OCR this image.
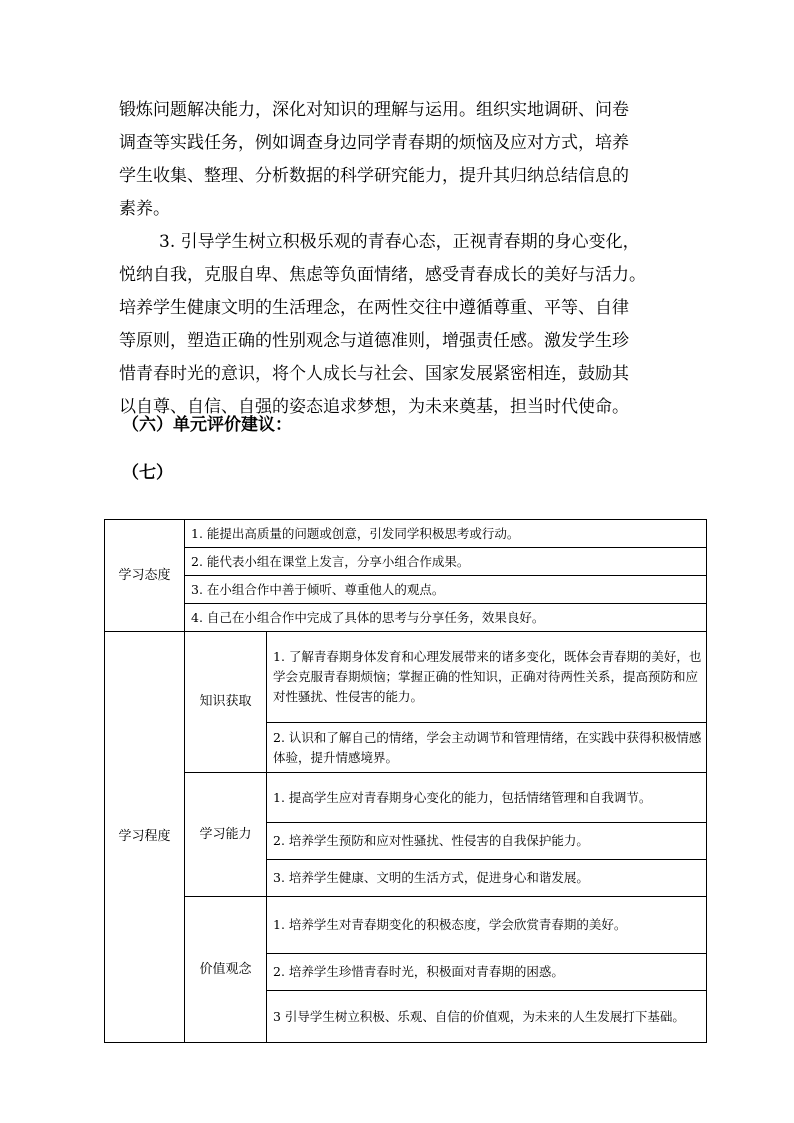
锻炼问题解决能力，深化对知识的理解与运用。组织实地调研、问卷

调查等实践任务，例如调查身边同学青春期的烦恼及应对方式，培养

学生收集、整理、分析数据的科学研究能力，提升其归纳总结信息的

素养。

3. 引导学生树立积极乐观的青春心态，正视青春期的身心变化，

悦纳自我，克服自卑、焦虑等负面情绪，感受青春成长的美好与活力。

培养学生健康文明的生活理念，在两性交往中遵循尊重、平等、自律

等原则，塑造正确的性别观念与道德准则，增强责任感。激发学生珍

惜青春时光的意识，将个人成长与社会、国家发展紧密相连，鼓励其

以自尊、自信、自强的姿态追求梦想，为未来奠基，担当时代使命。

（六）单元评价建议：
（七）
学习态度	1. 能提出高质量的问题或创意，引发同学积极思考或行动。	
	2. 能代表小组在课堂上发言，分享小组合作成果。	
	3. 在小组合作中善于倾听、尊重他人的观点。	
	4. 自己在小组合作中完成了具体的思考与分享任务，效果良好。	
学习程度	知识获取	1. 了解青春期身体发育和心理发展带来的诸多变化，既体会青春期的美好，也学会克服青春期烦恼；掌握正确的性知识，正确对待两性关系，提高预防和应对性骚扰、性侵害的能力。
		2. 认识和了解自己的情绪，学会主动调节和管理情绪，在实践中获得积极情感体验，提升情感境界。
	学习能力	1. 提高学生应对青春期身心变化的能力，包括情绪管理和自我调节。
		2. 培养学生预防和应对性骚扰、性侵害的自我保护能力。
		3. 培养学生健康、文明的生活方式，促进身心和谐发展。
	价值观念	1. 培养学生对青春期变化的积极态度，学会欣赏青春期的美好。
		2. 培养学生珍惜青春时光，积极面对青春期的困惑。
		3 引导学生树立积极、乐观、自信的价值观，为未来的人生发展打下基础。
